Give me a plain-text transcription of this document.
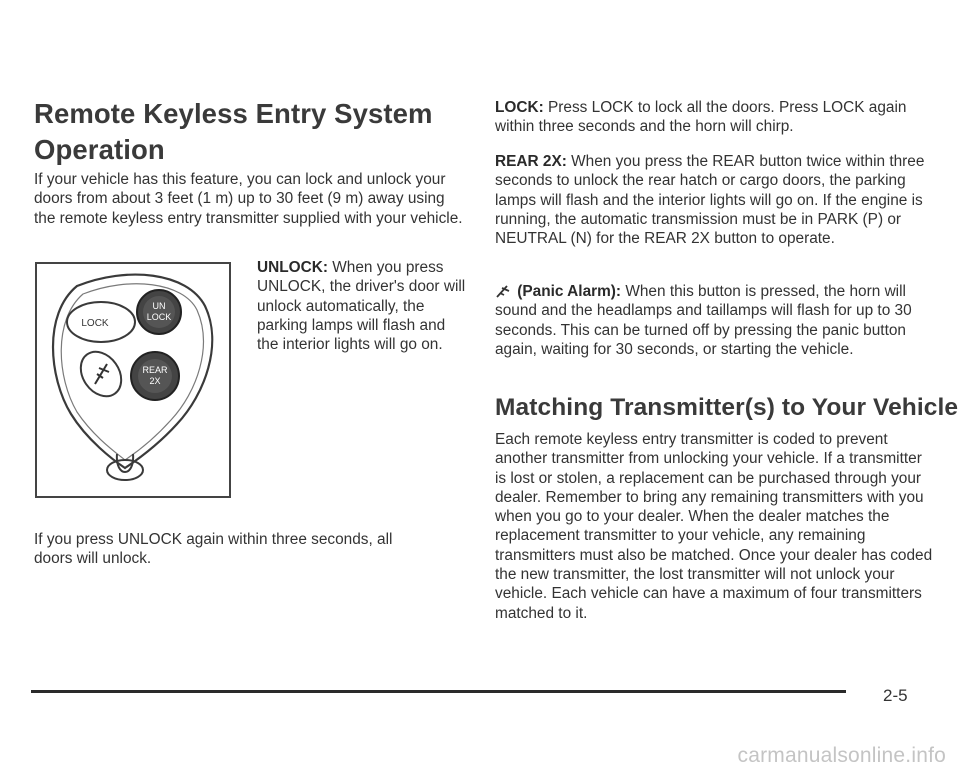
Remote Keyless Entry System
Operation

If your vehicle has this feature, you can lock and unlock your doors from about 3 feet (1 m) up to 30 feet (9 m) away using the remote keyless entry transmitter supplied with your vehicle.

LOCK
UN
LOCK
REAR
2X

UNLOCK: When you press UNLOCK, the driver's door will unlock automatically, the parking lamps will flash and the interior lights will go on.

If you press UNLOCK again within three seconds, all doors will unlock.

LOCK: Press LOCK to lock all the doors. Press LOCK again within three seconds and the horn will chirp.

REAR 2X: When you press the REAR button twice within three seconds to unlock the rear hatch or cargo doors, the parking lamps will flash and the interior lights will go on. If the engine is running, the automatic transmission must be in PARK (P) or NEUTRAL (N) for the REAR 2X button to operate.

(Panic Alarm): When this button is pressed, the horn will sound and the headlamps and taillamps will flash for up to 30 seconds. This can be turned off by pressing the panic button again, waiting for 30 seconds, or starting the vehicle.

Matching Transmitter(s) to Your Vehicle

Each remote keyless entry transmitter is coded to prevent another transmitter from unlocking your vehicle. If a transmitter is lost or stolen, a replacement can be purchased through your dealer. Remember to bring any remaining transmitters with you when you go to your dealer. When the dealer matches the replacement transmitter to your vehicle, any remaining transmitters must also be matched. Once your dealer has coded the new transmitter, the lost transmitter will not unlock your vehicle. Each vehicle can have a maximum of four transmitters matched to it.

2-5
carmanualsonline.info
